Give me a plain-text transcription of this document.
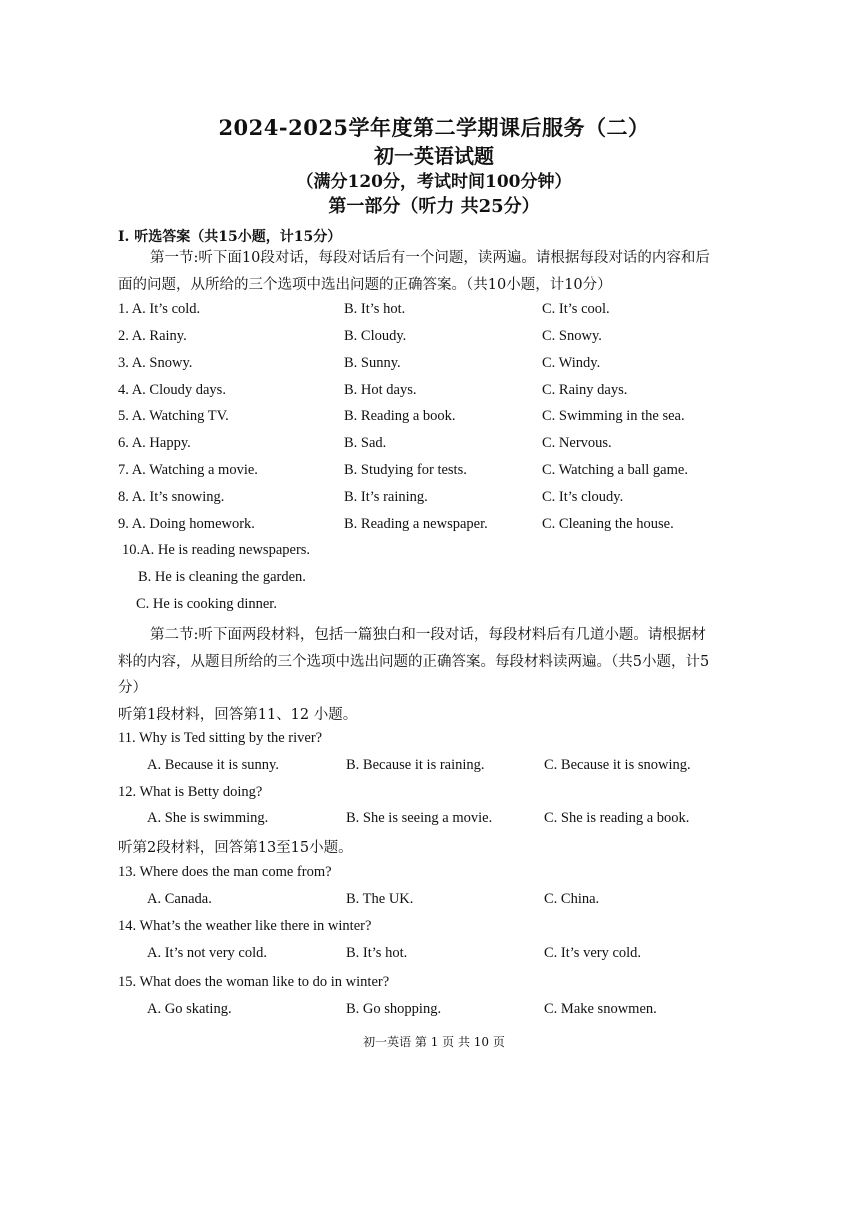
2024-2025学年度第二学期课后服务（二）
初一英语试题
（满分120分，考试时间100分钟）
第一部分（听力 共25分）
I. 听选答案（共15小题，计15分）
第一节:听下面10段对话，每段对话后有一个问题，读两遍。请根据每段对话的内容和后
面的问题，从所给的三个选项中选出问题的正确答案。（共10小题，计10分）
1. A. It’s cold.	B. It’s hot.	C. It’s cool.
2. A. Rainy.	B. Cloudy.	C. Snowy.
3. A. Snowy.	B. Sunny.	C. Windy.
4. A. Cloudy days.	B. Hot days.	C. Rainy days.
5. A. Watching TV.	B. Reading a book.	C. Swimming in the sea.
6. A. Happy.	B. Sad.	C. Nervous.
7. A. Watching a movie.	B. Studying for tests.	C. Watching a ball game.
8. A. It’s snowing.	B. It’s raining.	C. It’s cloudy.
9. A. Doing homework.	B. Reading a newspaper.	C. Cleaning the house.
10.A. He is reading newspapers.
B. He is cleaning the garden.
C. He is cooking dinner.
第二节:听下面两段材料，包括一篇独白和一段对话，每段材料后有几道小题。请根据材
料的内容，从题目所给的三个选项中选出问题的正确答案。每段材料读两遍。（共5小题，计5
分）
听第1段材料，回答第11、12 小题。
11. Why is Ted sitting by the river?
A. Because it is sunny.	B. Because it is raining.	C. Because it is snowing.
12. What is Betty doing?
A. She is swimming.	B. She is seeing a movie.	C. She is reading a book.
听第2段材料，回答第13至15小题。
13. Where does the man come from?
A. Canada.	B. The UK.	C. China.
14. What’s the weather like there in winter?
A. It’s not very cold.	B. It’s hot.	C. It’s very cold.
15. What does the woman like to do in winter?
A. Go skating.	B. Go shopping.	C. Make snowmen.
初一英语 第 1 页 共 10 页
